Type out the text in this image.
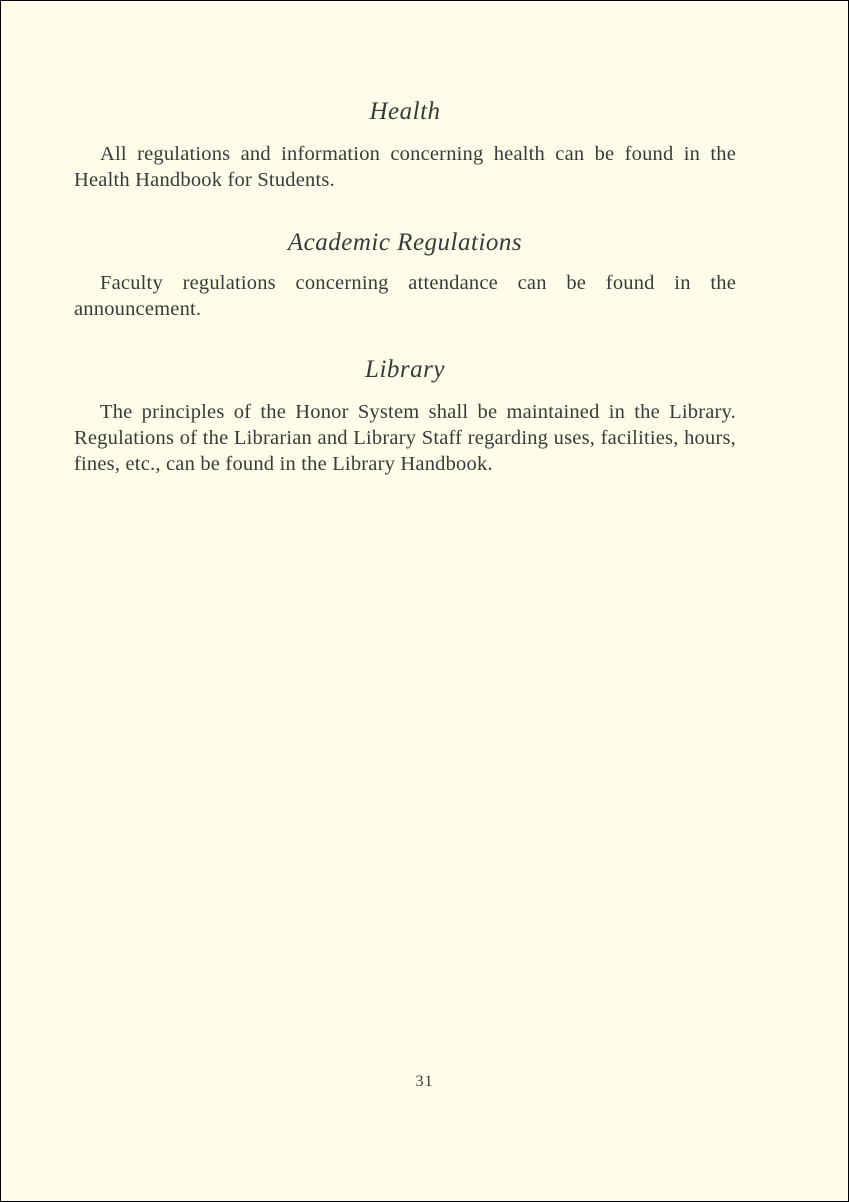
Health

All regulations and information concerning health can be found in the Health Handbook for Students.

Academic Regulations

Faculty regulations concerning attendance can be found in the announcement.

Library

The principles of the Honor System shall be maintained in the Library. Regulations of the Librarian and Library Staff regarding uses, facilities, hours, fines, etc., can be found in the Library Handbook.

31
